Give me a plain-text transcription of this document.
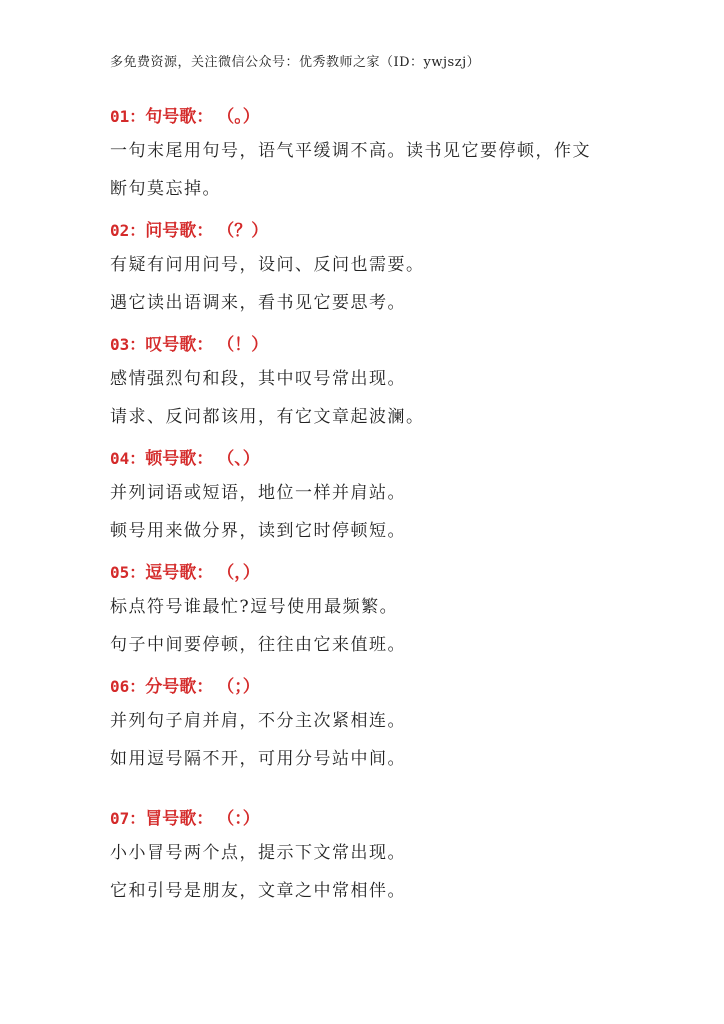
多免费资源，关注微信公众号：优秀教师之家（ID：ywjszj）
01：句号歌： （。）
一句末尾用句号，语气平缓调不高。读书见它要停顿，作文
断句莫忘掉。
02：问号歌： （？）
有疑有问用问号，设问、反问也需要。
遇它读出语调来，看书见它要思考。
03：叹号歌： （！）
感情强烈句和段，其中叹号常出现。
请求、反问都该用，有它文章起波澜。
04：顿号歌： （、）
并列词语或短语，地位一样并肩站。
顿号用来做分界，读到它时停顿短。
05：逗号歌： （，）
标点符号谁最忙?逗号使用最频繁。
句子中间要停顿，往往由它来值班。
06：分号歌： （；）
并列句子肩并肩，不分主次紧相连。
如用逗号隔不开，可用分号站中间。
07：冒号歌： （：）
小小冒号两个点，提示下文常出现。
它和引号是朋友，文章之中常相伴。
